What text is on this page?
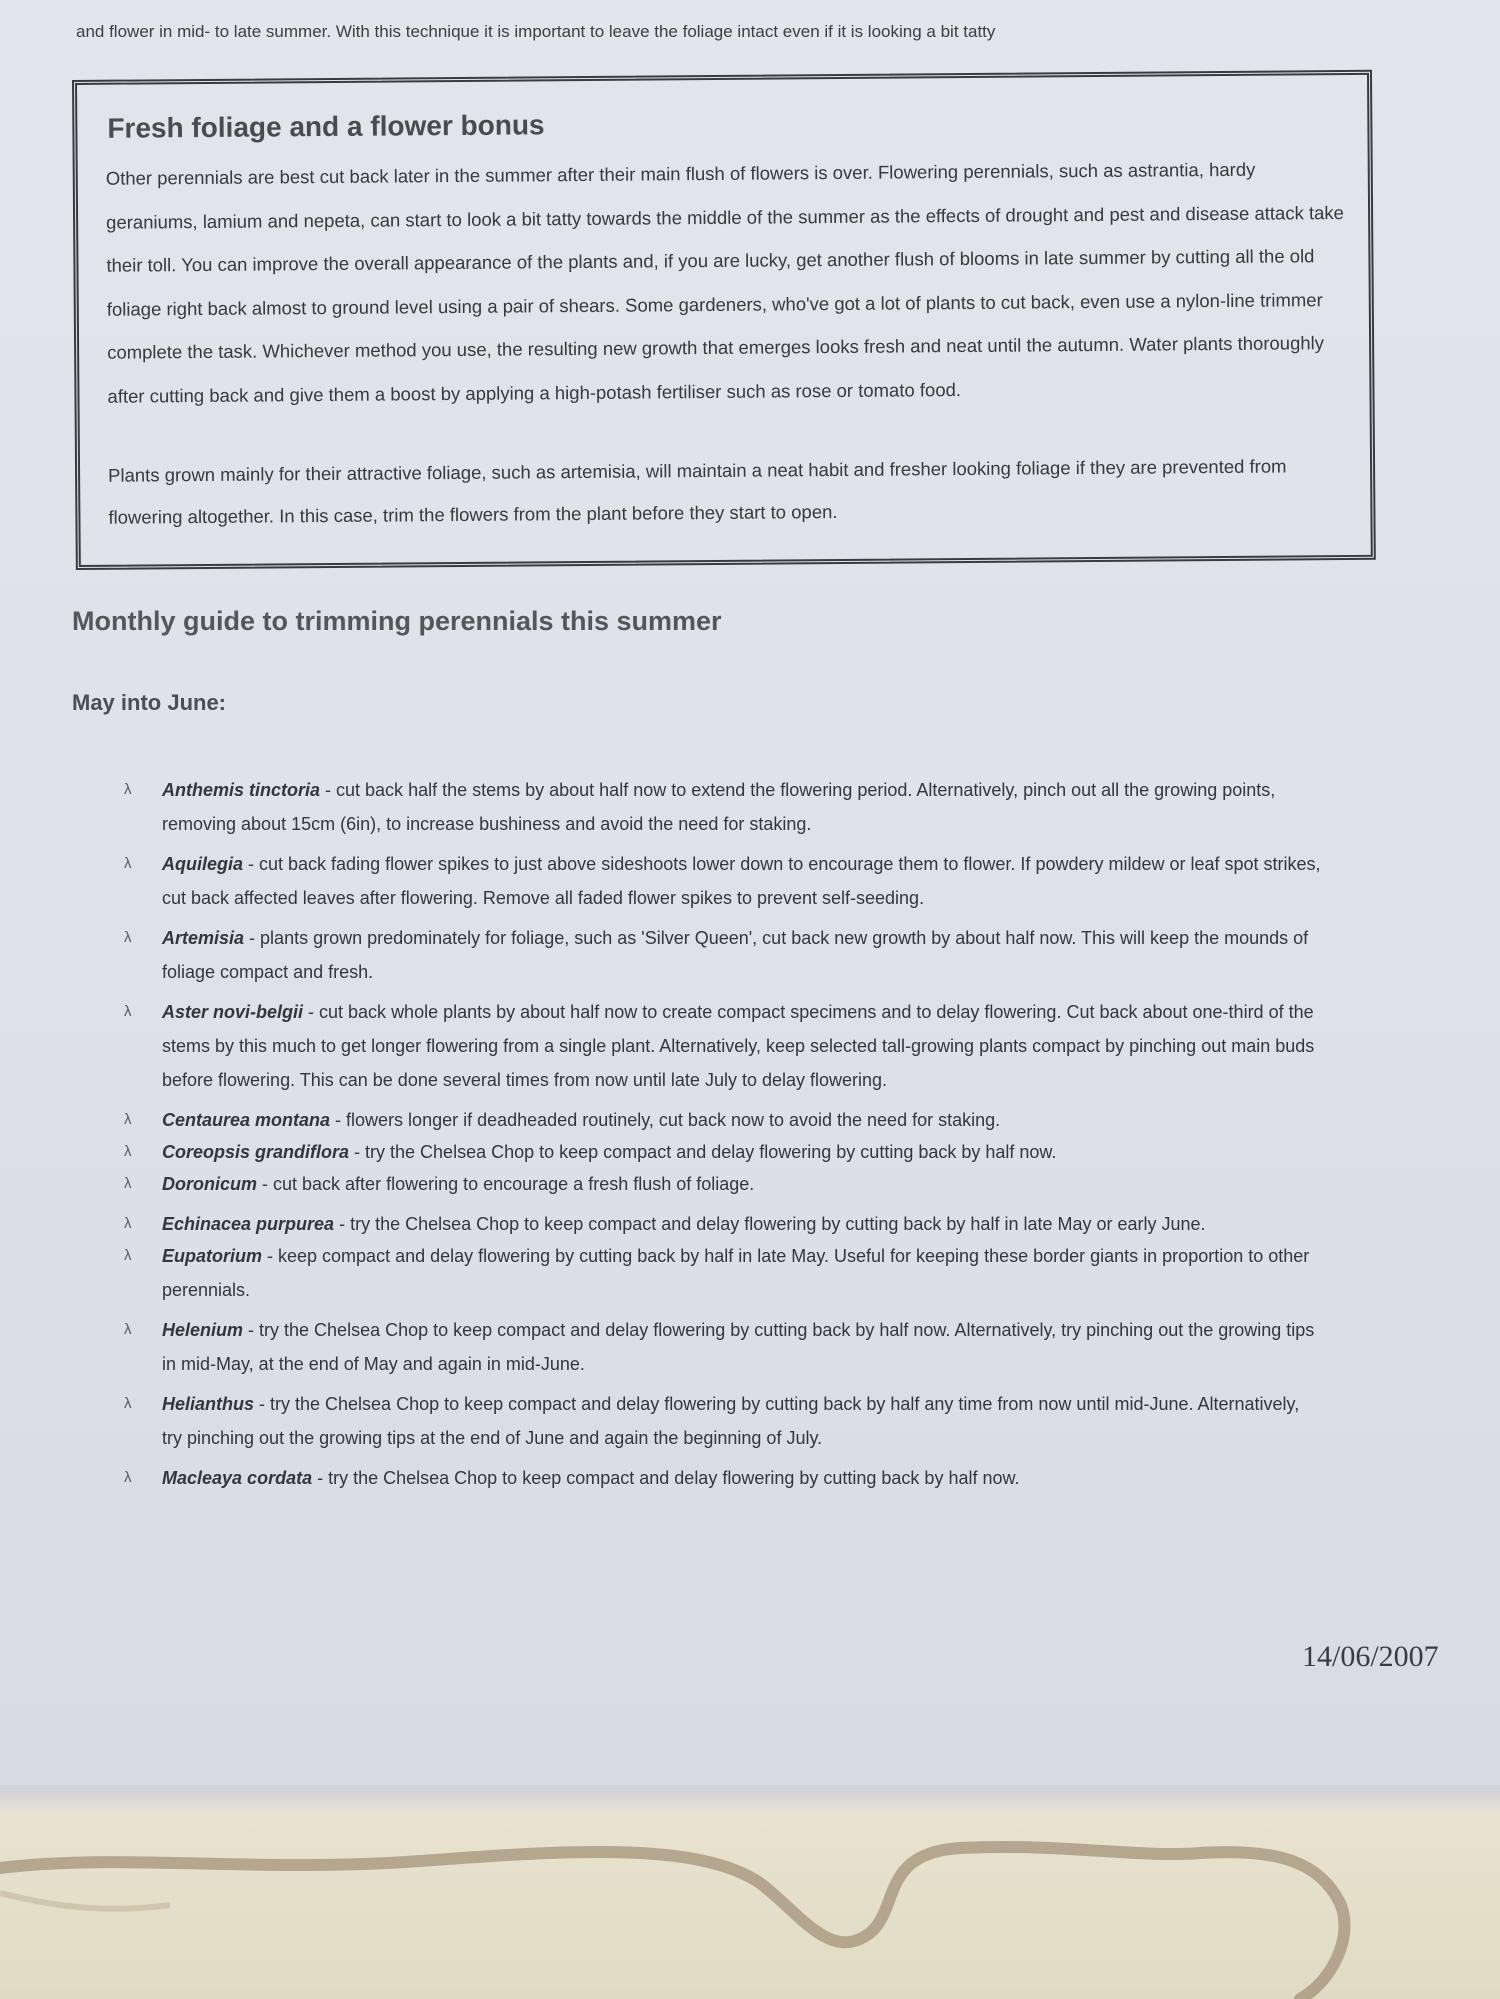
and flower in mid- to late summer. With this technique it is important to leave the foliage intact even if it is looking a bit tatty
Fresh foliage and a flower bonus

Other perennials are best cut back later in the summer after their main flush of flowers is over. Flowering perennials, such as astrantia, hardy geraniums, lamium and nepeta, can start to look a bit tatty towards the middle of the summer as the effects of drought and pest and disease attack take their toll. You can improve the overall appearance of the plants and, if you are lucky, get another flush of blooms in late summer by cutting all the old foliage right back almost to ground level using a pair of shears. Some gardeners, who've got a lot of plants to cut back, even use a nylon-line trimmer complete the task. Whichever method you use, the resulting new growth that emerges looks fresh and neat until the autumn. Water plants thoroughly after cutting back and give them a boost by applying a high-potash fertiliser such as rose or tomato food.

Plants grown mainly for their attractive foliage, such as artemisia, will maintain a neat habit and fresher looking foliage if they are prevented from flowering altogether. In this case, trim the flowers from the plant before they start to open.

Monthly guide to trimming perennials this summer
May into June:
λ Anthemis tinctoria - cut back half the stems by about half now to extend the flowering period. Alternatively, pinch out all the growing points, removing about 15cm (6in), to increase bushiness and avoid the need for staking.
λ Aquilegia - cut back fading flower spikes to just above sideshoots lower down to encourage them to flower. If powdery mildew or leaf spot strikes, cut back affected leaves after flowering. Remove all faded flower spikes to prevent self-seeding.
λ Artemisia - plants grown predominately for foliage, such as 'Silver Queen', cut back new growth by about half now. This will keep the mounds of foliage compact and fresh.
λ Aster novi-belgii - cut back whole plants by about half now to create compact specimens and to delay flowering. Cut back about one-third of the stems by this much to get longer flowering from a single plant. Alternatively, keep selected tall-growing plants compact by pinching out main buds before flowering. This can be done several times from now until late July to delay flowering.
λ Centaurea montana - flowers longer if deadheaded routinely, cut back now to avoid the need for staking.
λ Coreopsis grandiflora - try the Chelsea Chop to keep compact and delay flowering by cutting back by half now.
λ Doronicum - cut back after flowering to encourage a fresh flush of foliage.
λ Echinacea purpurea - try the Chelsea Chop to keep compact and delay flowering by cutting back by half in late May or early June.
λ Eupatorium - keep compact and delay flowering by cutting back by half in late May. Useful for keeping these border giants in proportion to other perennials.
λ Helenium - try the Chelsea Chop to keep compact and delay flowering by cutting back by half now. Alternatively, try pinching out the growing tips in mid-May, at the end of May and again in mid-June.
λ Helianthus - try the Chelsea Chop to keep compact and delay flowering by cutting back by half any time from now until mid-June. Alternatively, try pinching out the growing tips at the end of June and again the beginning of July.
λ Macleaya cordata - try the Chelsea Chop to keep compact and delay flowering by cutting back by half now.
14/06/2007
